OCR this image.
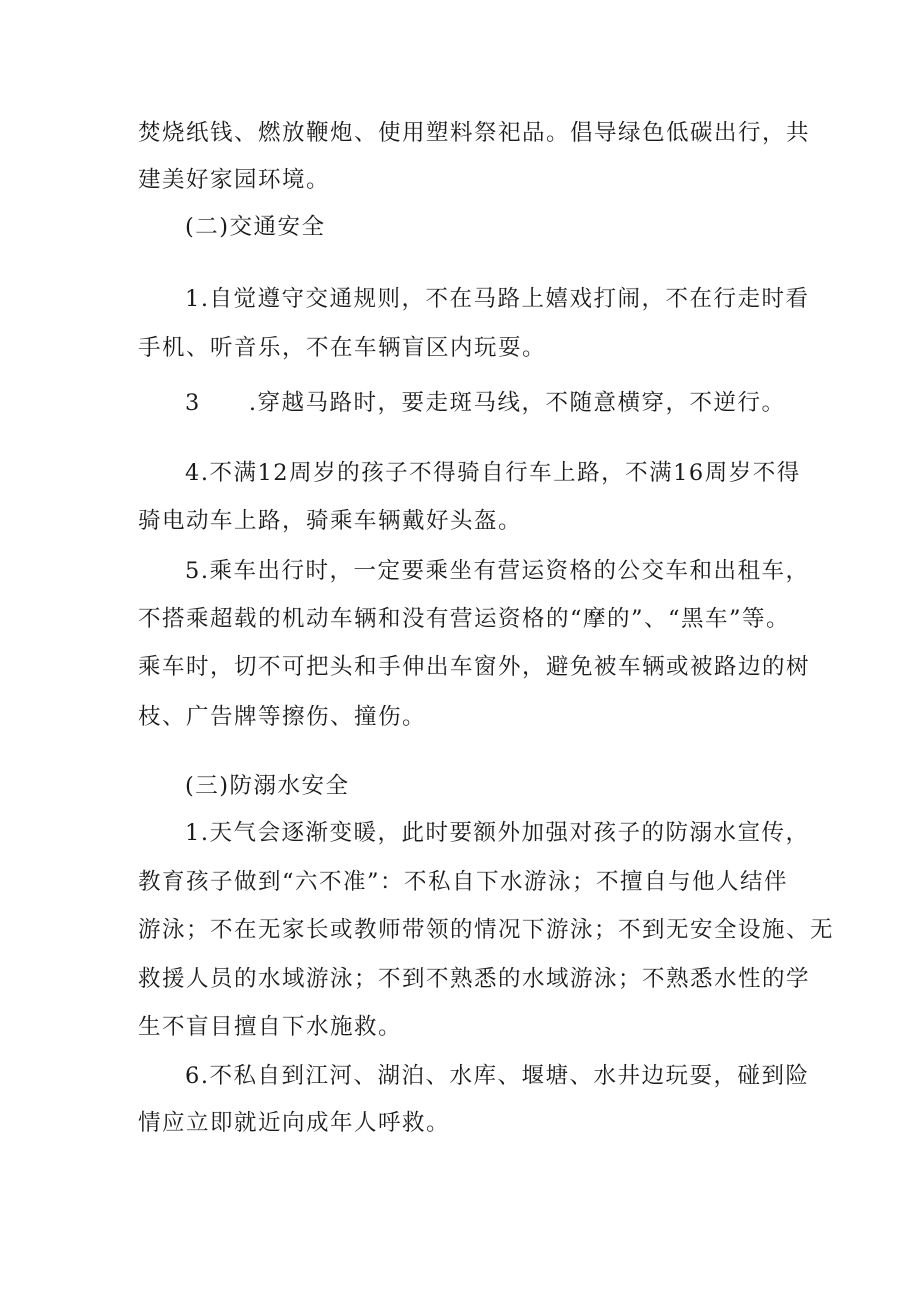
焚烧纸钱、燃放鞭炮、使用塑料祭祀品。倡导绿色低碳出行，共
建美好家园环境。
(二)交通安全
1.自觉遵守交通规则，不在马路上嬉戏打闹，不在行走时看
手机、听音乐，不在车辆盲区内玩耍。
3 .穿越马路时，要走斑马线，不随意横穿，不逆行。
4.不满12周岁的孩子不得骑自行车上路，不满16周岁不得
骑电动车上路，骑乘车辆戴好头盔。
5.乘车出行时，一定要乘坐有营运资格的公交车和出租车，
不搭乘超载的机动车辆和没有营运资格的“摩的”、“黑车”等。
乘车时，切不可把头和手伸出车窗外，避免被车辆或被路边的树
枝、广告牌等擦伤、撞伤。
(三)防溺水安全
1.天气会逐渐变暖，此时要额外加强对孩子的防溺水宣传，
教育孩子做到“六不准”：不私自下水游泳；不擅自与他人结伴
游泳；不在无家长或教师带领的情况下游泳；不到无安全设施、无
救援人员的水域游泳；不到不熟悉的水域游泳；不熟悉水性的学
生不盲目擅自下水施救。
6.不私自到江河、湖泊、水库、堰塘、水井边玩耍，碰到险
情应立即就近向成年人呼救。
